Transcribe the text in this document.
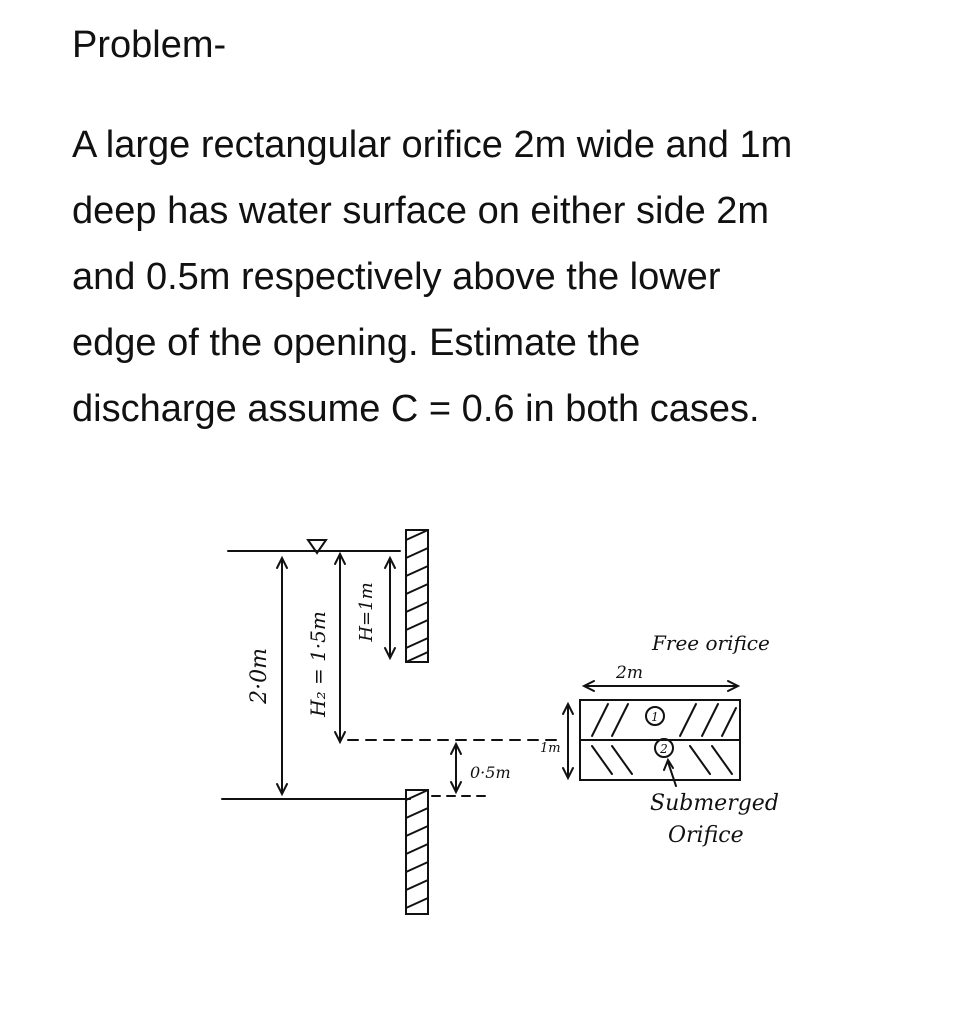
Problem-
A large rectangular orifice 2m wide and 1m
deep has water surface on either side 2m
and 0.5m respectively above the lower
edge of the opening. Estimate the
discharge assume C = 0.6 in both cases.
2·0m H₂ = 1·5m H=1m
0·5m
1m
2m
Free orifice
1
2
Submerged
Orifice
